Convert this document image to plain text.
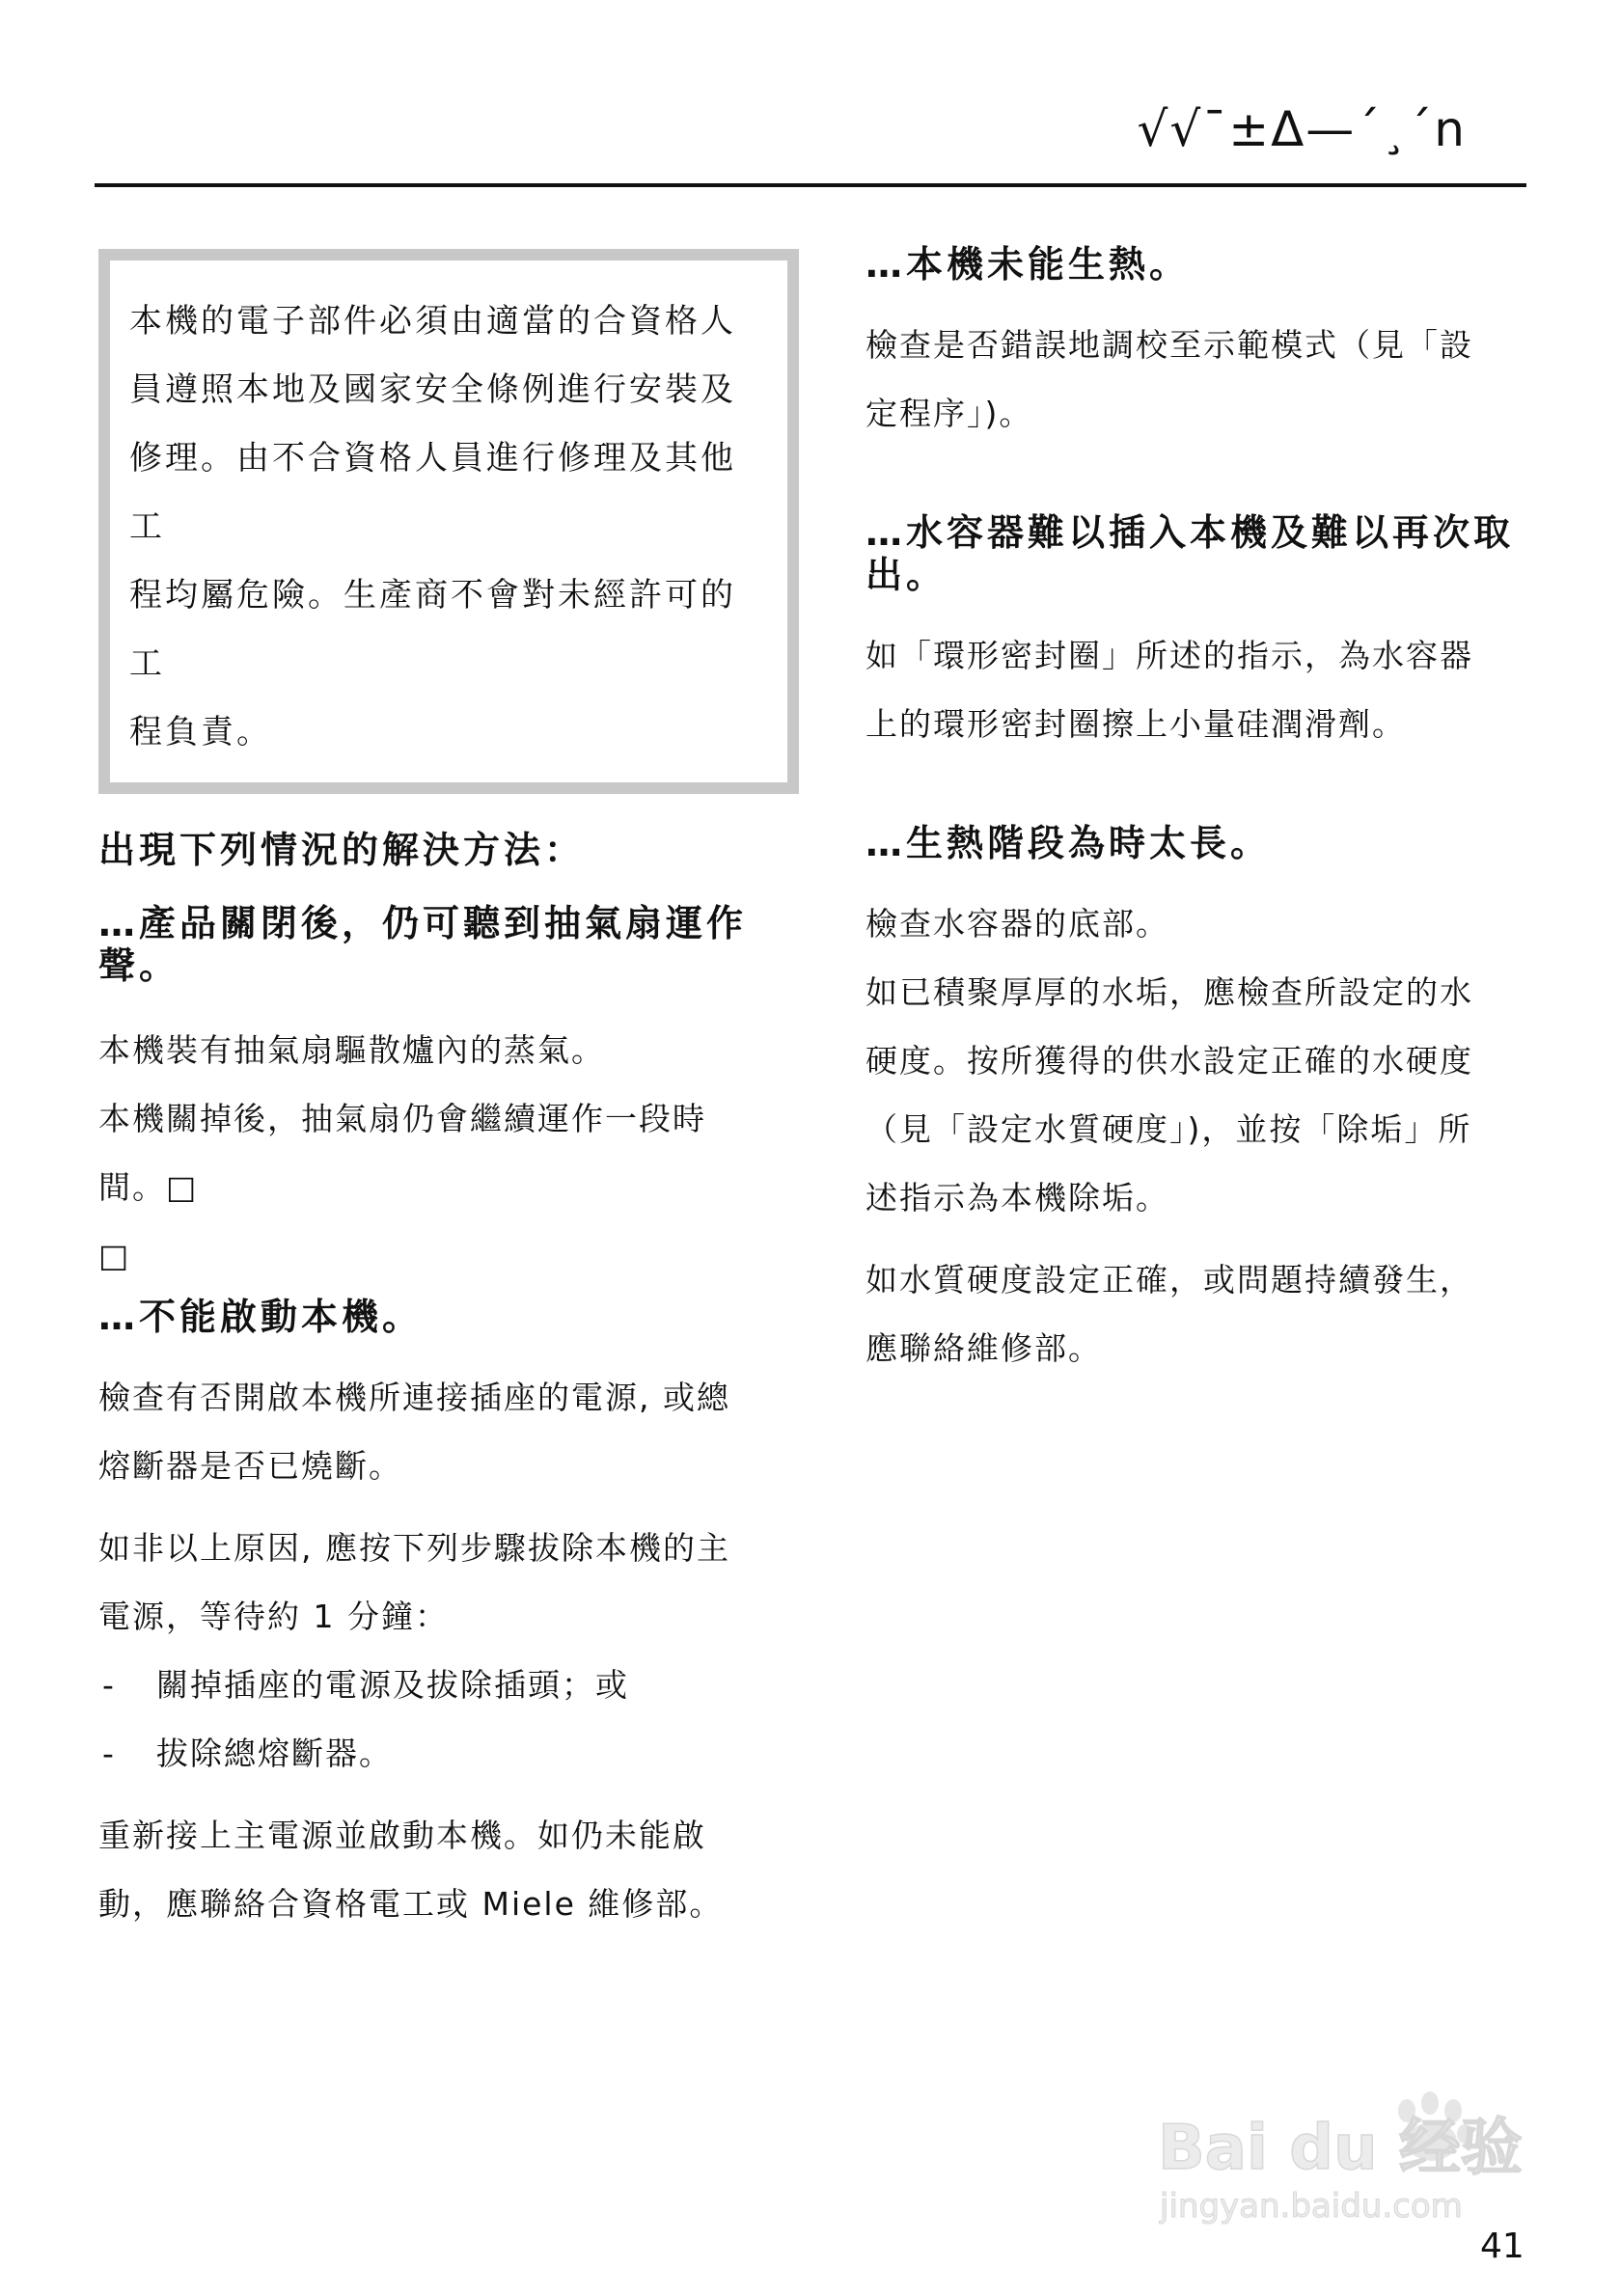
√√¯±Δ—´¸´n
本機的電子部件必須由適當的合資格人
員遵照本地及國家安全條例進行安裝及
修理。由不合資格人員進行修理及其他工
程均屬危險。生產商不會對未經許可的工
程負責。
出現下列情況的解決方法：
…產品關閉後，仍可聽到抽氣扇運作聲。

本機裝有抽氣扇驅散爐內的蒸氣。

本機關掉後，抽氣扇仍會繼續運作一段時

間。□

□

…不能啟動本機。

檢查有否開啟本機所連接插座的電源, 或總

熔斷器是否已燒斷。

如非以上原因, 應按下列步驟拔除本機的主

電源，等待約 1 分鐘：

-	關掉插座的電源及拔除插頭；或
-	拔除總熔斷器。

重新接上主電源並啟動本機。如仍未能啟

動，應聯絡合資格電工或 Miele 維修部。

…本機未能生熱。

檢查是否錯誤地調校至示範模式（見「設

定程序」)。

…水容器難以插入本機及難以再次取出。

如「環形密封圈」所述的指示，為水容器

上的環形密封圈擦上小量硅潤滑劑。

…生熱階段為時太長。

檢查水容器的底部。

如已積聚厚厚的水垢，應檢查所設定的水

硬度。按所獲得的供水設定正確的水硬度

（見「設定水質硬度」)，並按「除垢」所

述指示為本機除垢。

如水質硬度設定正確，或問題持續發生，

應聯絡維修部。

Bai du 经验
jingyan.baidu.com
41
